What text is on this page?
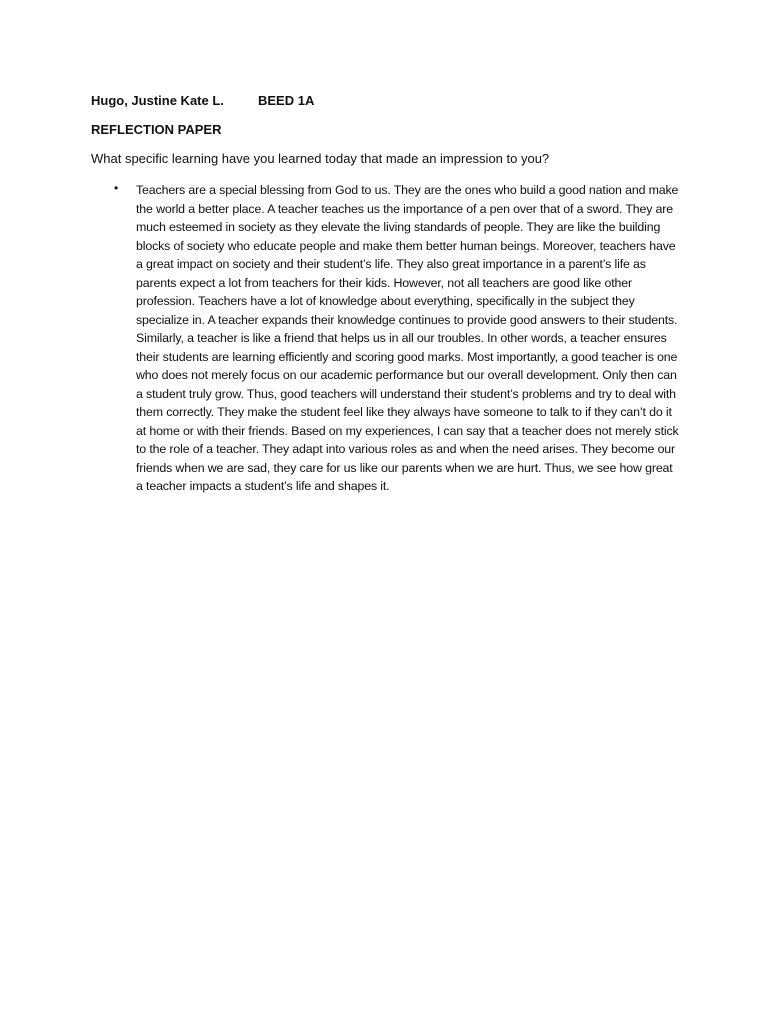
Hugo, Justine Kate L.	BEED 1A
REFLECTION PAPER
What specific learning have you learned today that made an impression to you?
• Teachers are a special blessing from God to us. They are the ones who build a good nation and make the world a better place. A teacher teaches us the importance of a pen over that of a sword. They are much esteemed in society as they elevate the living standards of people. They are like the building blocks of society who educate people and make them better human beings. Moreover, teachers have a great impact on society and their student’s life. They also great importance in a parent’s life as parents expect a lot from teachers for their kids. However, not all teachers are good like other profession. Teachers have a lot of knowledge about everything, specifically in the subject they specialize in. A teacher expands their knowledge continues to provide good answers to their students. Similarly, a teacher is like a friend that helps us in all our troubles. In other words, a teacher ensures their students are learning efficiently and scoring good marks. Most importantly, a good teacher is one who does not merely focus on our academic performance but our overall development. Only then can a student truly grow. Thus, good teachers will understand their student’s problems and try to deal with them correctly. They make the student feel like they always have someone to talk to if they can’t do it at home or with their friends. Based on my experiences, I can say that a teacher does not merely stick to the role of a teacher. They adapt into various roles as and when the need arises. They become our friends when we are sad, they care for us like our parents when we are hurt. Thus, we see how great a teacher impacts a student’s life and shapes it.
